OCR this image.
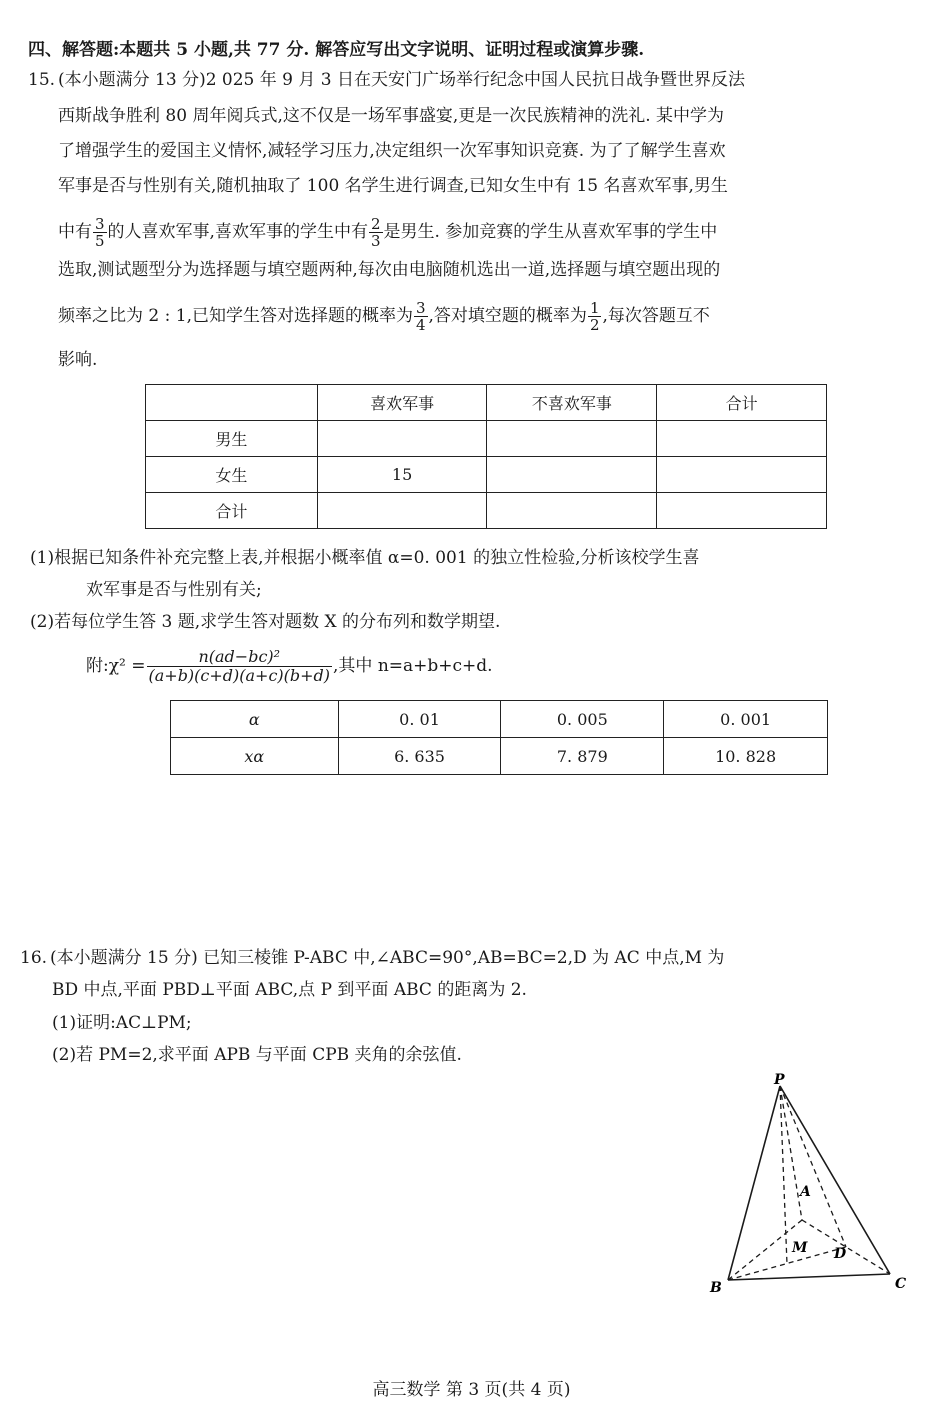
四、解答题:本题共 5 小题,共 77 分. 解答应写出文字说明、证明过程或演算步骤.
15. (本小题满分 13 分)2 025 年 9 月 3 日在天安门广场举行纪念中国人民抗日战争暨世界反法
西斯战争胜利 80 周年阅兵式,这不仅是一场军事盛宴,更是一次民族精神的洗礼. 某中学为
了增强学生的爱国主义情怀,减轻学习压力,决定组织一次军事知识竞赛. 为了了解学生喜欢
军事是否与性别有关,随机抽取了 100 名学生进行调查,已知女生中有 15 名喜欢军事,男生
中有 $\frac{3}{5}$ 的人喜欢军事,喜欢军事的学生中有 $\frac{2}{3}$ 是男生. 参加竞赛的学生从喜欢军事的学生中
选取,测试题型分为选择题与填空题两种,每次由电脑随机选出一道,选择题与填空题出现的
频率之比为 2 : 1,已知学生答对选择题的概率为 $\frac{3}{4}$ ,答对填空题的概率为 $\frac{1}{2}$ ,每次答题互不
影响.
	喜欢军事	不喜欢军事	合计
男生			
女生	15		
合计			
(1)根据已知条件补充完整上表,并根据小概率值 α=0. 001 的独立性检验,分析该校学生喜
欢军事是否与性别有关;
(2)若每位学生答 3 题,求学生答对题数 X 的分布列和数学期望.
附:χ² = $\frac{\text{n(ad−bc)²}}{(a+b)(c+d)(a+c)(b+d)}$ ,其中 n=a+b+c+d.
α	0. 01	0. 005	0. 001
xα	6. 635	7. 879	10. 828
16. (本小题满分 15 分) 已知三棱锥 P-ABC 中,∠ABC=90°,AB=BC=2,D 为 AC 中点,M 为
BD 中点,平面 PBD⊥平面 ABC,点 P 到平面 ABC 的距离为 2.
(1)证明:AC⊥PM;
(2)若 PM=2,求平面 APB 与平面 CPB 夹角的余弦值.
P
A
M D
B	C
高三数学 第 3 页(共 4 页)
